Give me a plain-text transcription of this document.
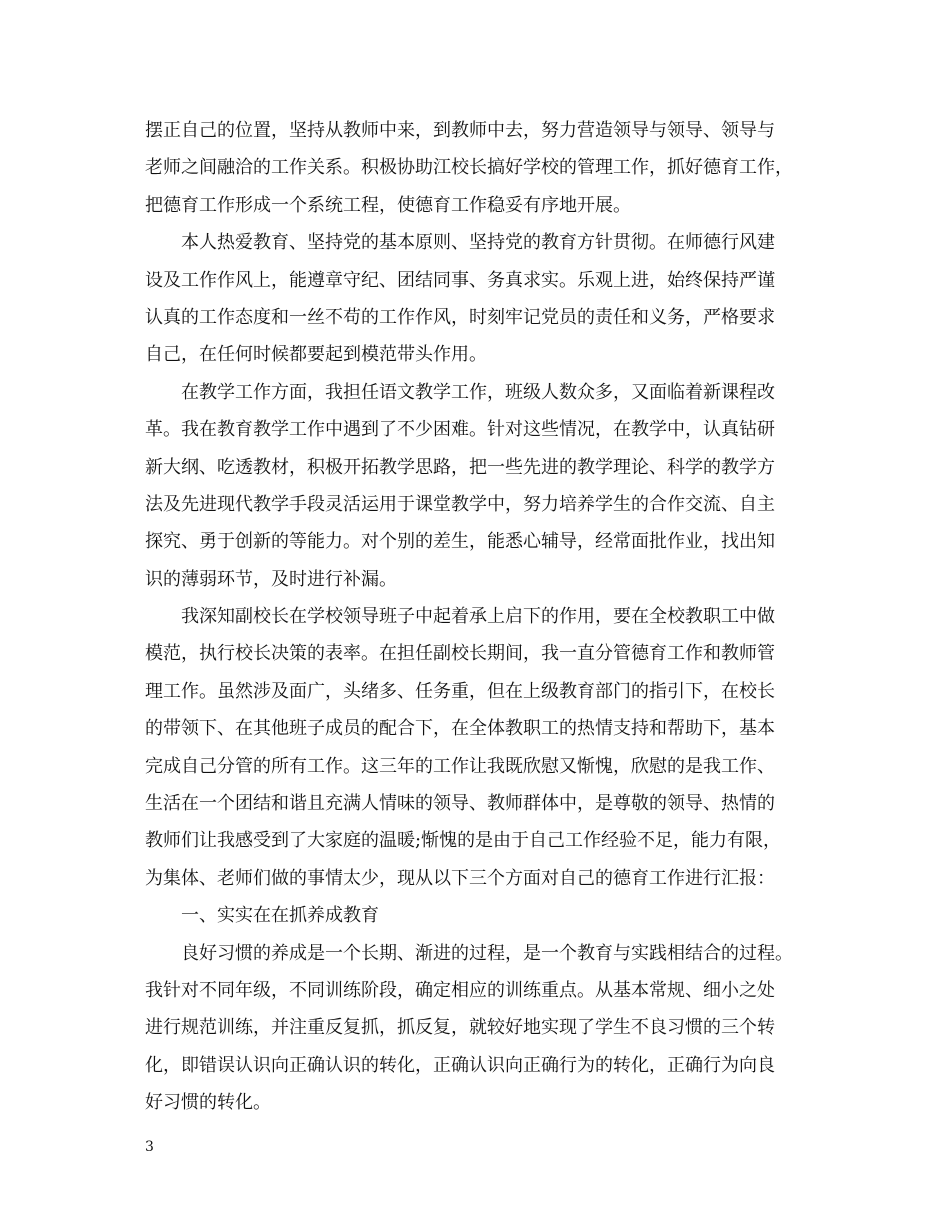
摆正自己的位置，坚持从教师中来，到教师中去，努力营造领导与领导、领导与
老师之间融洽的工作关系。积极协助江校长搞好学校的管理工作，抓好德育工作，
把德育工作形成一个系统工程，使德育工作稳妥有序地开展。
本人热爱教育、坚持党的基本原则、坚持党的教育方针贯彻。在师德行风建
设及工作作风上，能遵章守纪、团结同事、务真求实。乐观上进，始终保持严谨
认真的工作态度和一丝不苟的工作作风，时刻牢记党员的责任和义务，严格要求
自己，在任何时候都要起到模范带头作用。
在教学工作方面，我担任语文教学工作，班级人数众多，又面临着新课程改
革。我在教育教学工作中遇到了不少困难。针对这些情况，在教学中，认真钻研
新大纲、吃透教材，积极开拓教学思路，把一些先进的教学理论、科学的教学方
法及先进现代教学手段灵活运用于课堂教学中，努力培养学生的合作交流、自主
探究、勇于创新的等能力。对个别的差生，能悉心辅导，经常面批作业，找出知
识的薄弱环节，及时进行补漏。
我深知副校长在学校领导班子中起着承上启下的作用，要在全校教职工中做
模范，执行校长决策的表率。在担任副校长期间，我一直分管德育工作和教师管
理工作。虽然涉及面广，头绪多、任务重，但在上级教育部门的指引下，在校长
的带领下、在其他班子成员的配合下，在全体教职工的热情支持和帮助下，基本
完成自己分管的所有工作。这三年的工作让我既欣慰又惭愧，欣慰的是我工作、
生活在一个团结和谐且充满人情味的领导、教师群体中，是尊敬的领导、热情的
教师们让我感受到了大家庭的温暖;惭愧的是由于自己工作经验不足，能力有限，
为集体、老师们做的事情太少，现从以下三个方面对自己的德育工作进行汇报：
一、实实在在抓养成教育
良好习惯的养成是一个长期、渐进的过程，是一个教育与实践相结合的过程。
我针对不同年级，不同训练阶段，确定相应的训练重点。从基本常规、细小之处
进行规范训练，并注重反复抓，抓反复，就较好地实现了学生不良习惯的三个转
化，即错误认识向正确认识的转化，正确认识向正确行为的转化，正确行为向良
好习惯的转化。
3
